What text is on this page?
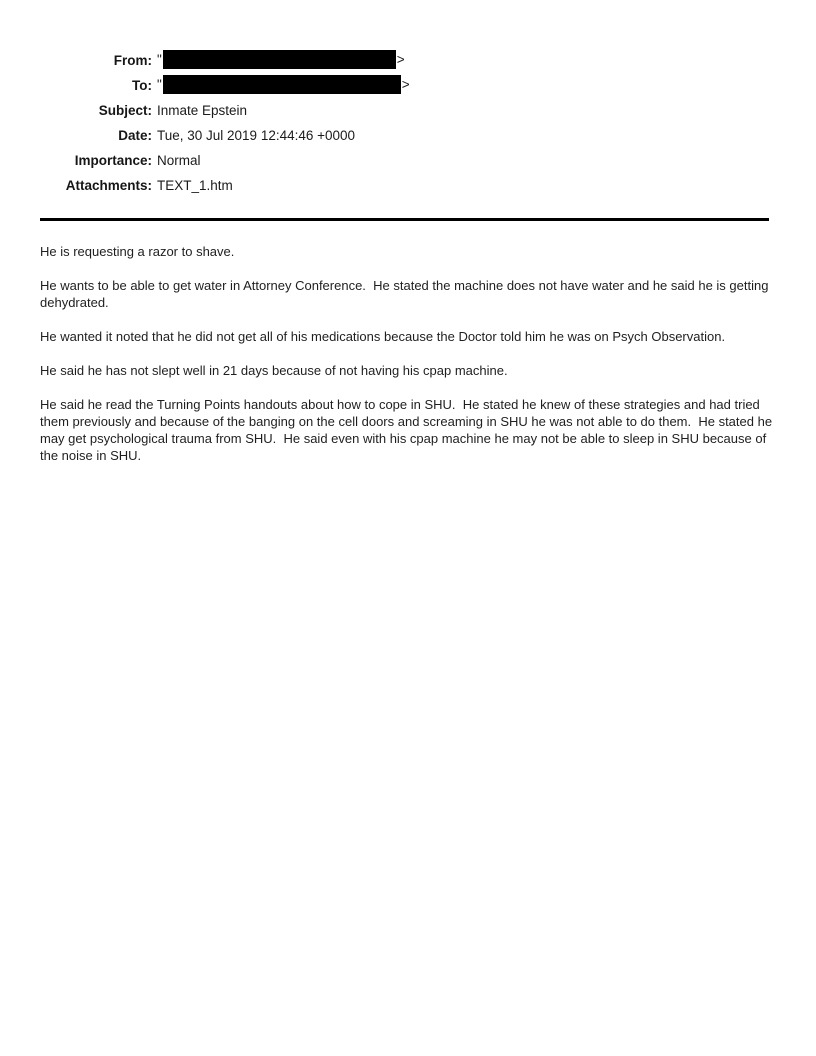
From:	" >
To:	" >
Subject:	Inmate Epstein
Date:	Tue, 30 Jul 2019 12:44:46 +0000
Importance:	Normal
Attachments:	TEXT_1.htm

He is requesting a razor to shave.

He wants to be able to get water in Attorney Conference.  He stated the machine does not have water and he said he is getting dehydrated.

He wanted it noted that he did not get all of his medications because the Doctor told him he was on Psych Observation.

He said he has not slept well in 21 days because of not having his cpap machine.

He said he read the Turning Points handouts about how to cope in SHU.  He stated he knew of these strategies and had tried them previously and because of the banging on the cell doors and screaming in SHU he was not able to do them.  He stated he may get psychological trauma from SHU.  He said even with his cpap machine he may not be able to sleep in SHU because of the noise in SHU.
